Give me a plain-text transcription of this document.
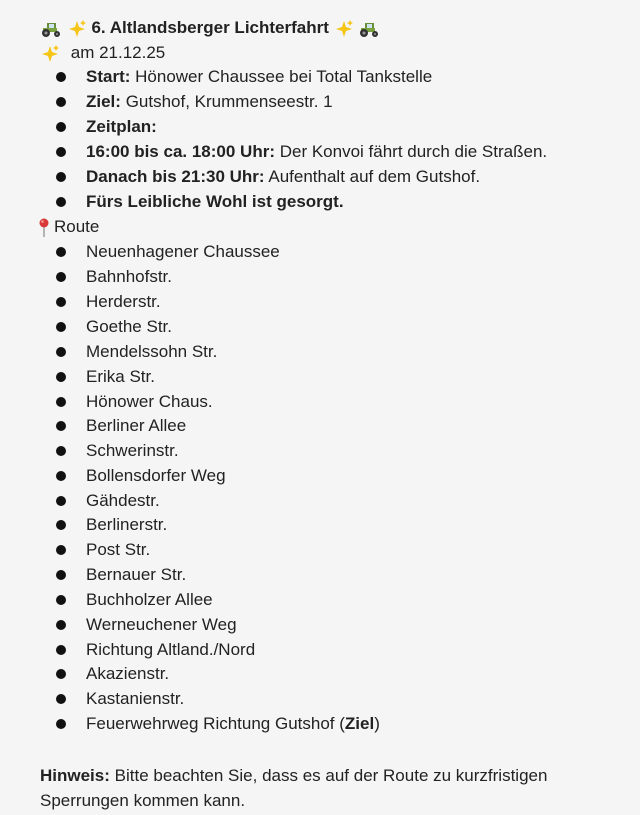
6. Altlandsberger Lichterfahrt
am 21.12.25
Start: Hönower Chaussee bei Total Tankstelle
Ziel: Gutshof, Krummenseestr. 1
Zeitplan:
16:00 bis ca. 18:00 Uhr: Der Konvoi fährt durch die Straßen.
Danach bis 21:30 Uhr: Aufenthalt auf dem Gutshof.
Fürs Leibliche Wohl ist gesorgt.
Route
Neuenhagener Chaussee
Bahnhofstr.
Herderstr.
Goethe Str.
Mendelssohn Str.
Erika Str.
Hönower Chaus.
Berliner Allee
Schwerinstr.
Bollensdorfer Weg
Gähdestr.
Berlinerstr.
Post Str.
Bernauer Str.
Buchholzer Allee
Werneuchener Weg
Richtung Altland./Nord
Akazienstr.
Kastanienstr.
Feuerwehrweg Richtung Gutshof (Ziel)
Hinweis: Bitte beachten Sie, dass es auf der Route zu kurzfristigen Sperrungen kommen kann.
